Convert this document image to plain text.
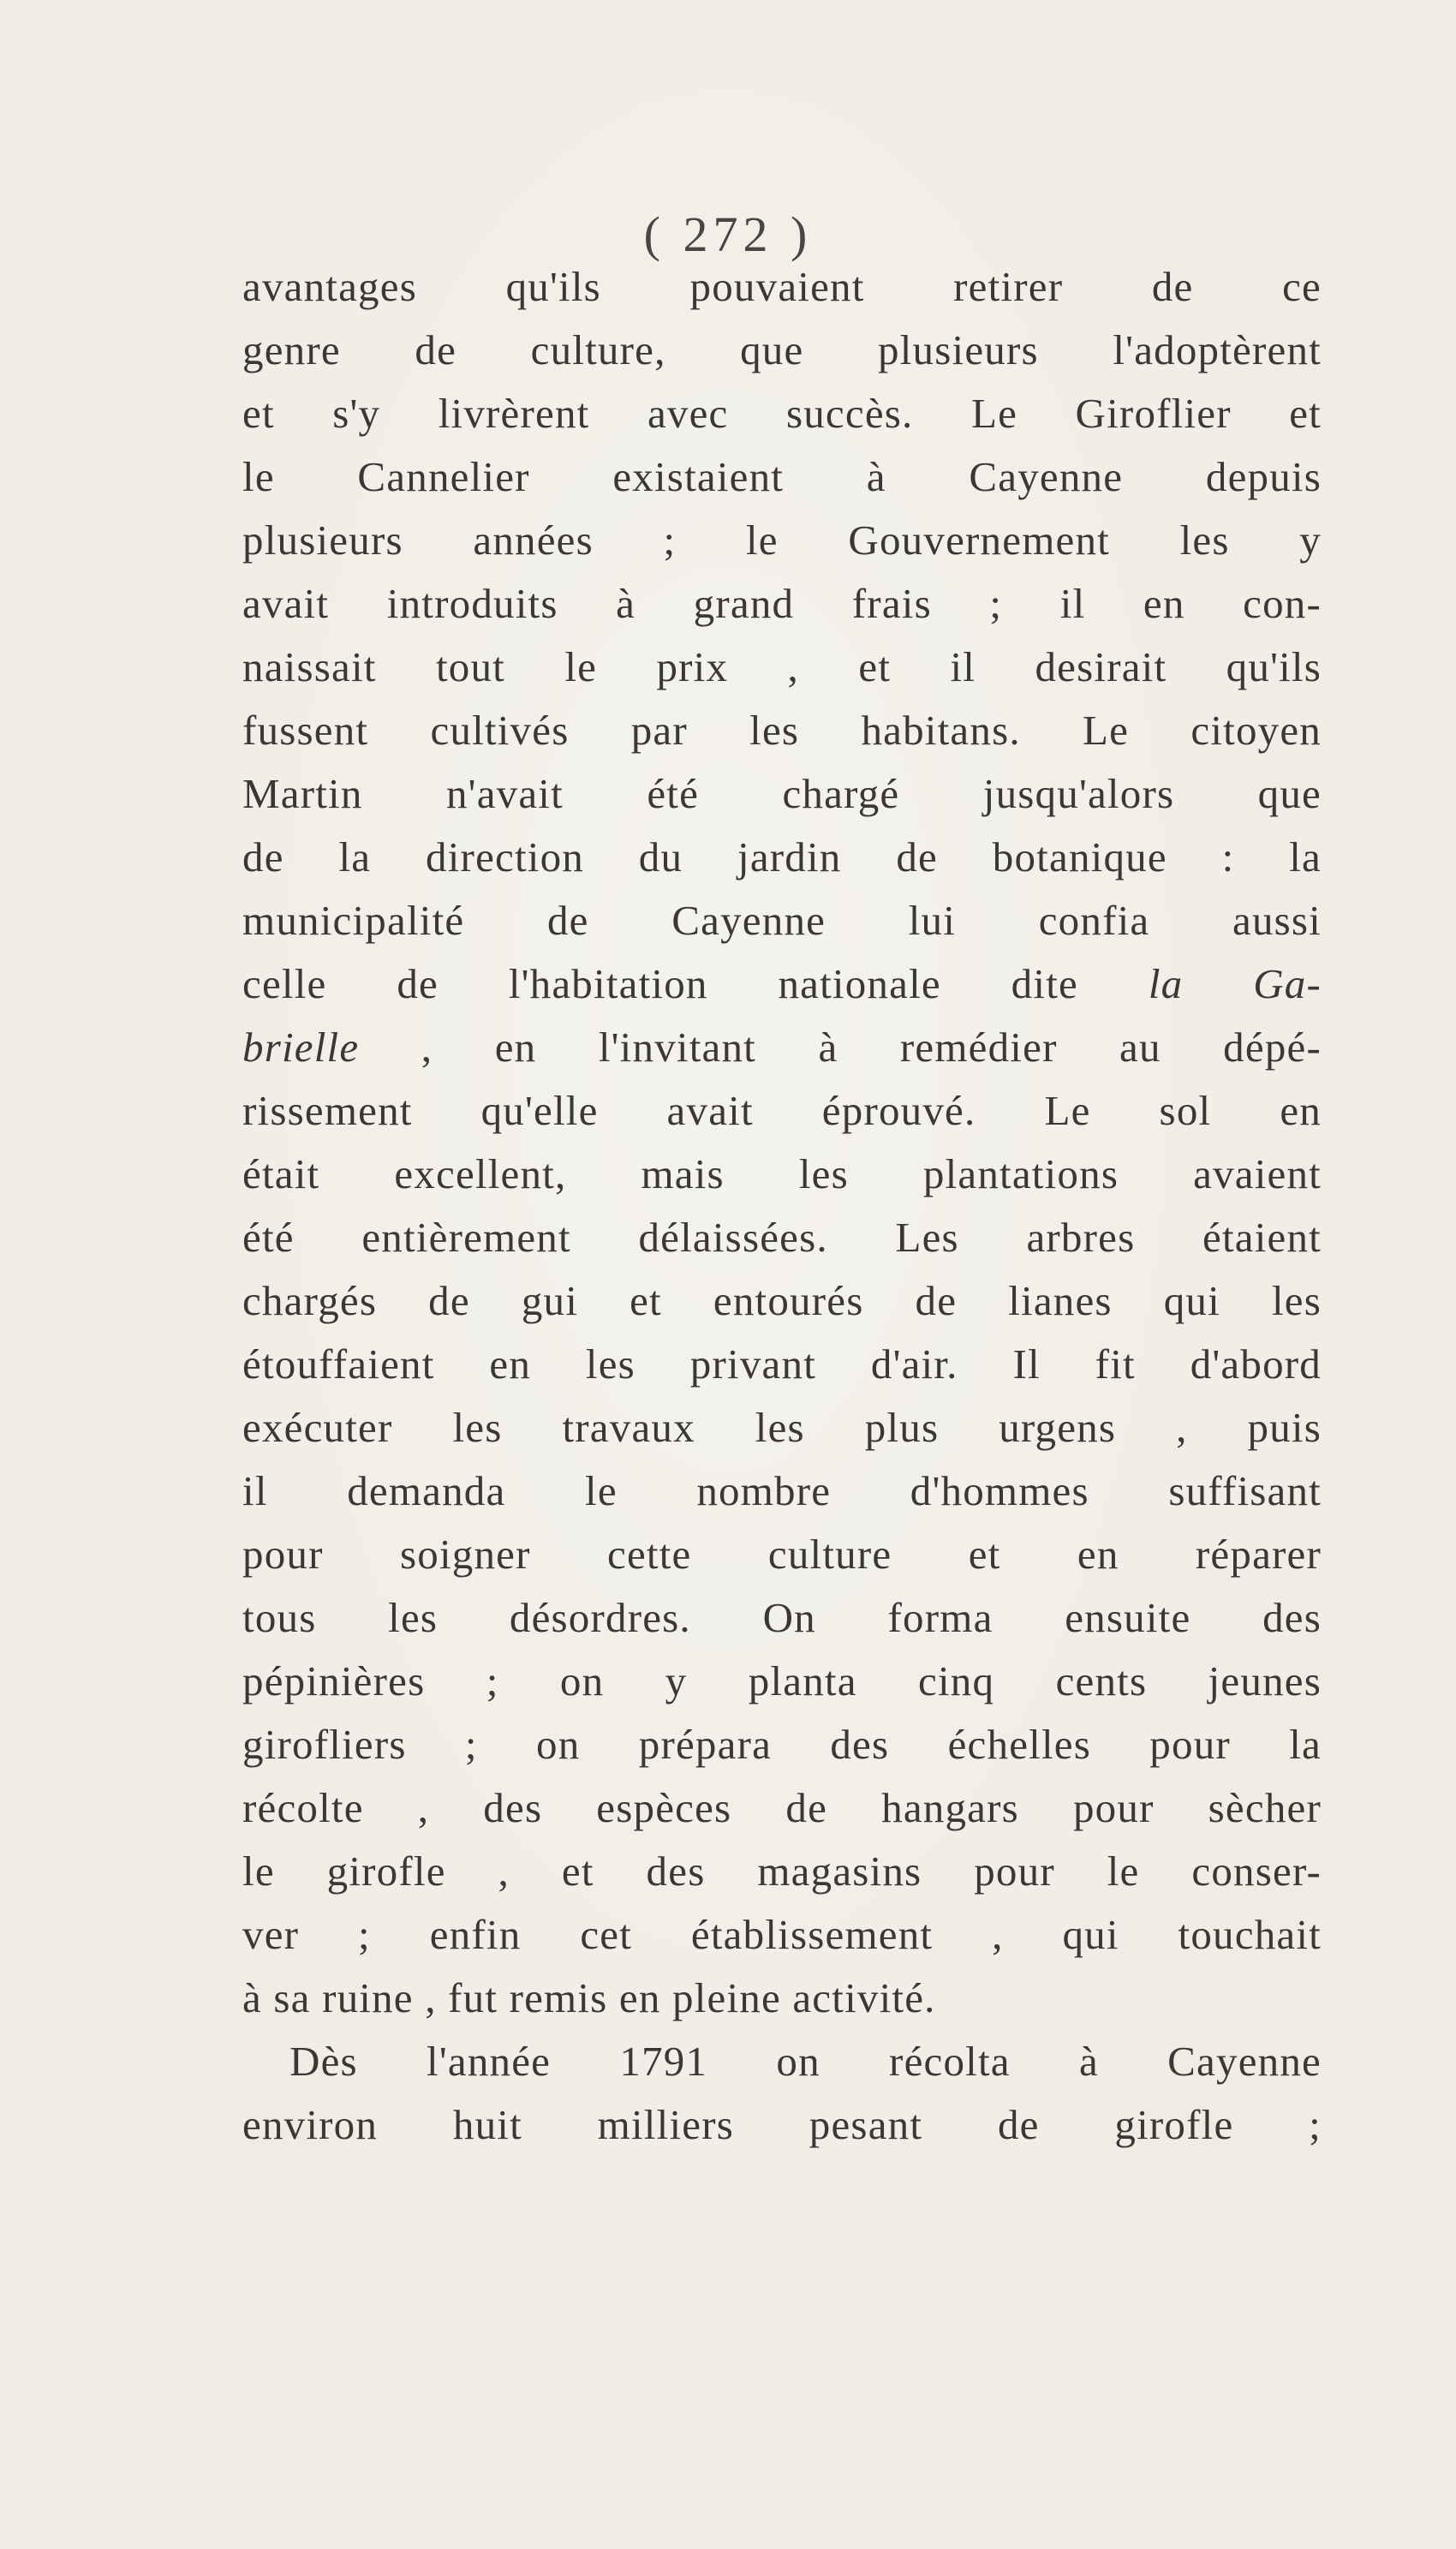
( 272 )
avantages qu'ils pouvaient retirer de ce
genre de culture, que plusieurs l'adoptèrent
et s'y livrèrent avec succès. Le Giroflier et
le Cannelier existaient à Cayenne depuis
plusieurs années ; le Gouvernement les y
avait introduits à grand frais ; il en con-
naissait tout le prix , et il desirait qu'ils
fussent cultivés par les habitans. Le citoyen
Martin n'avait été chargé jusqu'alors que
de la direction du jardin de botanique : la
municipalité de Cayenne lui confia aussi
celle de l'habitation nationale dite la Ga-
brielle , en l'invitant à remédier au dépé-
rissement qu'elle avait éprouvé. Le sol en
était excellent, mais les plantations avaient
été entièrement délaissées. Les arbres étaient
chargés de gui et entourés de lianes qui les
étouffaient en les privant d'air. Il fit d'abord
exécuter les travaux les plus urgens , puis
il demanda le nombre d'hommes suffisant
pour soigner cette culture et en réparer
tous les désordres. On forma ensuite des
pépinières ; on y planta cinq cents jeunes
girofliers ; on prépara des échelles pour la
récolte , des espèces de hangars pour sècher
le girofle , et des magasins pour le conser-
ver ; enfin cet établissement , qui touchait
à sa ruine , fut remis en pleine activité.
Dès l'année 1791 on récolta à Cayenne
environ huit milliers pesant de girofle ;
